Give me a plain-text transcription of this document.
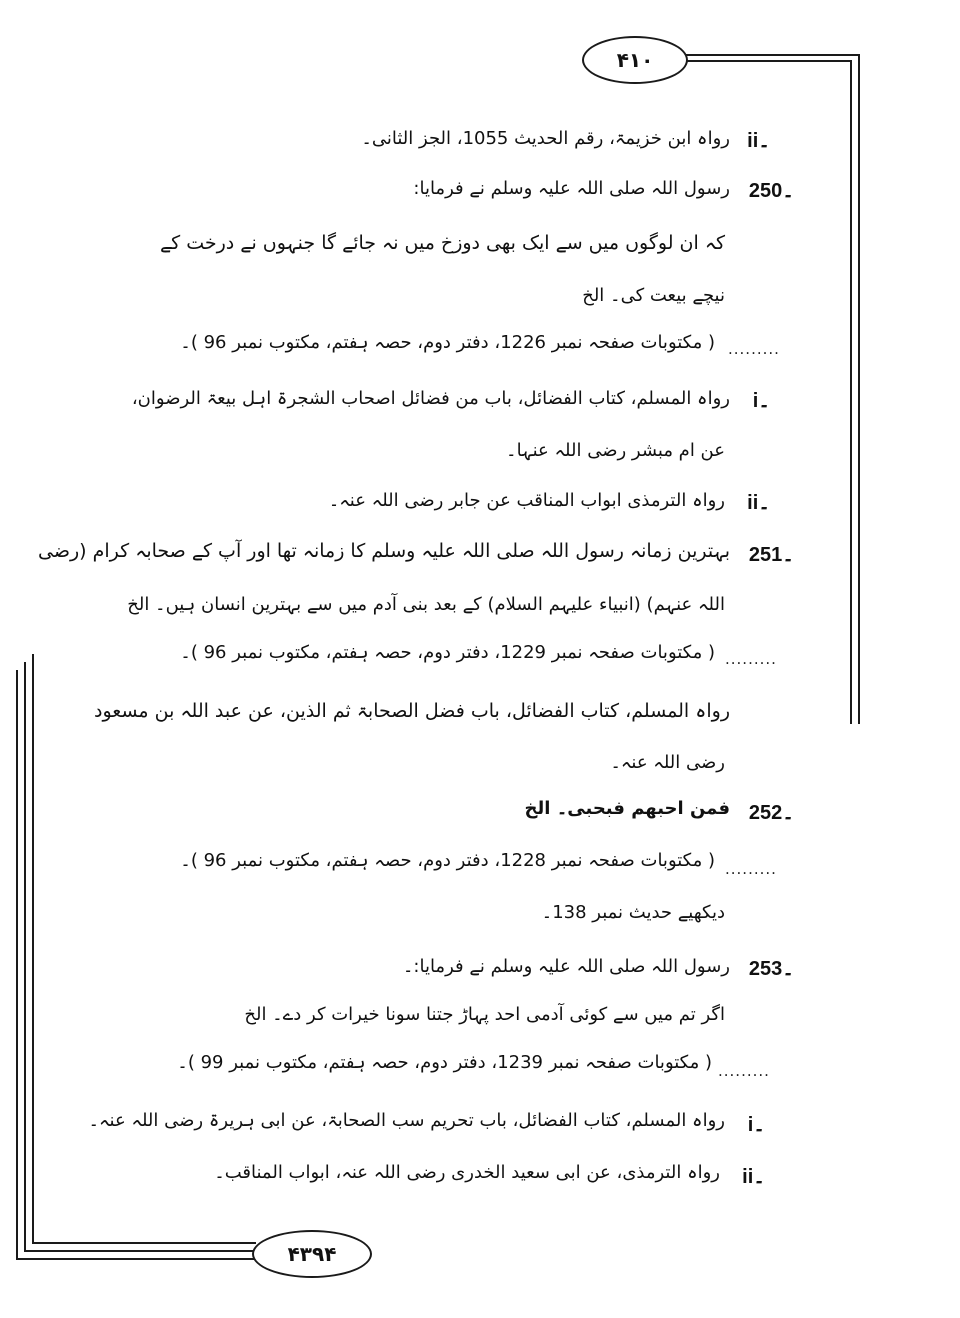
۴۱۰
۴۳۹۴
ii۔
رواہ ابن خزیمۃ، رقم الحدیث 1055، الجز الثانی۔
250۔
رسول اللہ صلی اللہ علیہ وسلم نے فرمایا:
کہ ان لوگوں میں سے ایک بھی دوزخ میں نہ جائے گا جنہوں نے درخت کے
نیچے بیعت کی۔ الخ
.........
( مکتوبات صفحہ نمبر 1226، دفتر دوم، حصہ ہفتم، مکتوب نمبر 96 )۔
i۔
رواہ المسلم، کتاب الفضائل، باب من فضائل اصحاب الشجرۃ اہل بیعۃ الرضوان،
عن ام مبشر رضی اللہ عنہا۔
ii۔
رواہ الترمذی ابواب المناقب عن جابر رضی اللہ عنہ۔
251۔
بہترین زمانہ رسول اللہ صلی اللہ علیہ وسلم کا زمانہ تھا اور آپ کے صحابہ کرام (رضی
اللہ عنہم) (انبیاء علیہم السلام) کے بعد بنی آدم میں سے بہترین انسان ہیں۔ الخ
.........
( مکتوبات صفحہ نمبر 1229، دفتر دوم، حصہ ہفتم، مکتوب نمبر 96 )۔
رواہ المسلم، کتاب الفضائل، باب فضل الصحابۃ ثم الذین، عن عبد اللہ بن مسعود
رضی اللہ عنہ۔
252۔
فمن احبھم فبحبی۔ الخ
.........
( مکتوبات صفحہ نمبر 1228، دفتر دوم، حصہ ہفتم، مکتوب نمبر 96 )۔
دیکھیے حدیث نمبر 138۔
253۔
رسول اللہ صلی اللہ علیہ وسلم نے فرمایا:۔
اگر تم میں سے کوئی آدمی احد پہاڑ جتنا سونا خیرات کر دے۔ الخ
.........
( مکتوبات صفحہ نمبر 1239، دفتر دوم، حصہ ہفتم، مکتوب نمبر 99 )۔
i۔
رواہ المسلم، کتاب الفضائل، باب تحریم سب الصحابۃ، عن ابی ہریرۃ رضی اللہ عنہ۔
ii۔
رواہ الترمذی، عن ابی سعید الخدری رضی اللہ عنہ، ابواب المناقب۔
